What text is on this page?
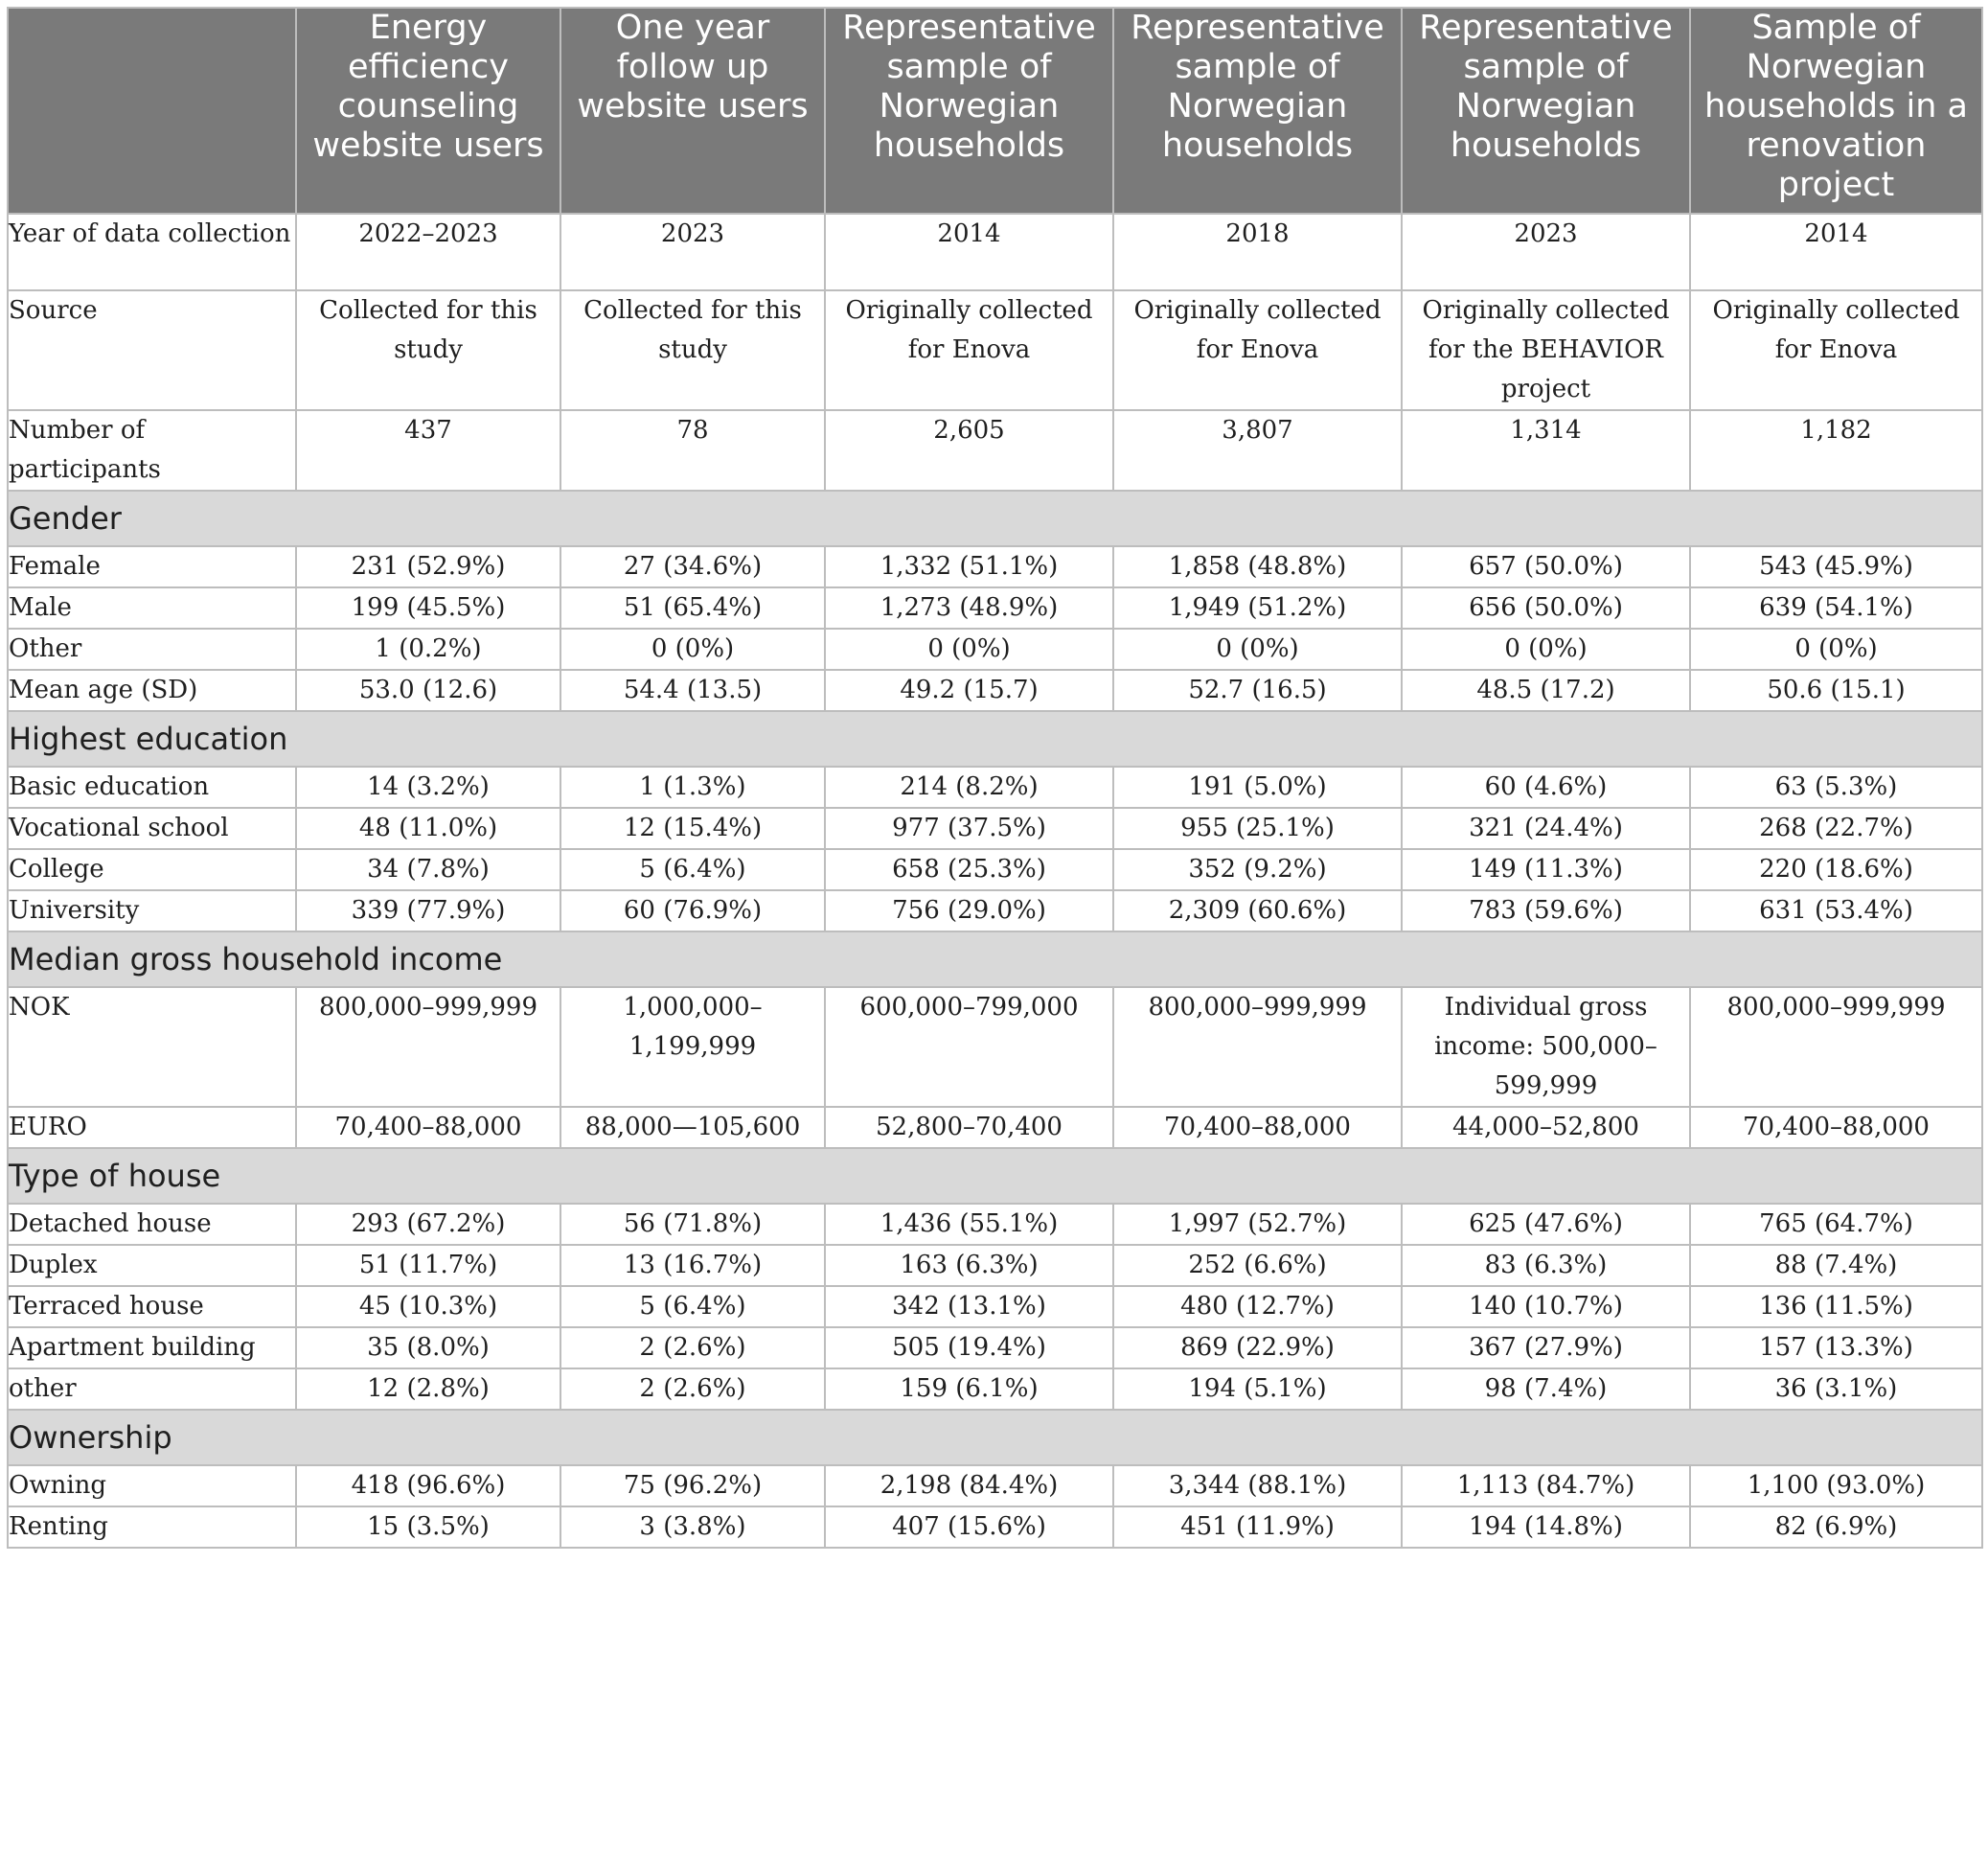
	Energy efficiency counseling website users	One year follow up website users	Representative sample of Norwegian households	Representative sample of Norwegian households	Representative sample of Norwegian households	Sample of Norwegian households in a renovation project
Year of data collection	2022–2023	2023	2014	2018	2023	2014
Source	Collected for this study	Collected for this study	Originally collected for Enova	Originally collected for Enova	Originally collected for the BEHAVIOR project	Originally collected for Enova
Number of participants	437	78	2,605	3,807	1,314	1,182
Gender						
Female	231 (52.9%)	27 (34.6%)	1,332 (51.1%)	1,858 (48.8%)	657 (50.0%)	543 (45.9%)
Male	199 (45.5%)	51 (65.4%)	1,273 (48.9%)	1,949 (51.2%)	656 (50.0%)	639 (54.1%)
Other	1 (0.2%)	0 (0%)	0 (0%)	0 (0%)	0 (0%)	0 (0%)
Mean age (SD)	53.0 (12.6)	54.4 (13.5)	49.2 (15.7)	52.7 (16.5)	48.5 (17.2)	50.6 (15.1)
Highest education						
Basic education	14 (3.2%)	1 (1.3%)	214 (8.2%)	191 (5.0%)	60 (4.6%)	63 (5.3%)
Vocational school	48 (11.0%)	12 (15.4%)	977 (37.5%)	955 (25.1%)	321 (24.4%)	268 (22.7%)
College	34 (7.8%)	5 (6.4%)	658 (25.3%)	352 (9.2%)	149 (11.3%)	220 (18.6%)
University	339 (77.9%)	60 (76.9%)	756 (29.0%)	2,309 (60.6%)	783 (59.6%)	631 (53.4%)
Median gross household income						
NOK	800,000–999,999	1,000,000–1,199,999	600,000–799,000	800,000–999,999	Individual gross income: 500,000– 599,999	800,000–999,999
EURO	70,400–88,000	88,000—105,600	52,800–70,400	70,400–88,000	44,000–52,800	70,400–88,000
Type of house						
Detached house	293 (67.2%)	56 (71.8%)	1,436 (55.1%)	1,997 (52.7%)	625 (47.6%)	765 (64.7%)
Duplex	51 (11.7%)	13 (16.7%)	163 (6.3%)	252 (6.6%)	83 (6.3%)	88 (7.4%)
Terraced house	45 (10.3%)	5 (6.4%)	342 (13.1%)	480 (12.7%)	140 (10.7%)	136 (11.5%)
Apartment building	35 (8.0%)	2 (2.6%)	505 (19.4%)	869 (22.9%)	367 (27.9%)	157 (13.3%)
other	12 (2.8%)	2 (2.6%)	159 (6.1%)	194 (5.1%)	98 (7.4%)	36 (3.1%)
Ownership						
Owning	418 (96.6%)	75 (96.2%)	2,198 (84.4%)	3,344 (88.1%)	1,113 (84.7%)	1,100 (93.0%)
Renting	15 (3.5%)	3 (3.8%)	407 (15.6%)	451 (11.9%)	194 (14.8%)	82 (6.9%)
